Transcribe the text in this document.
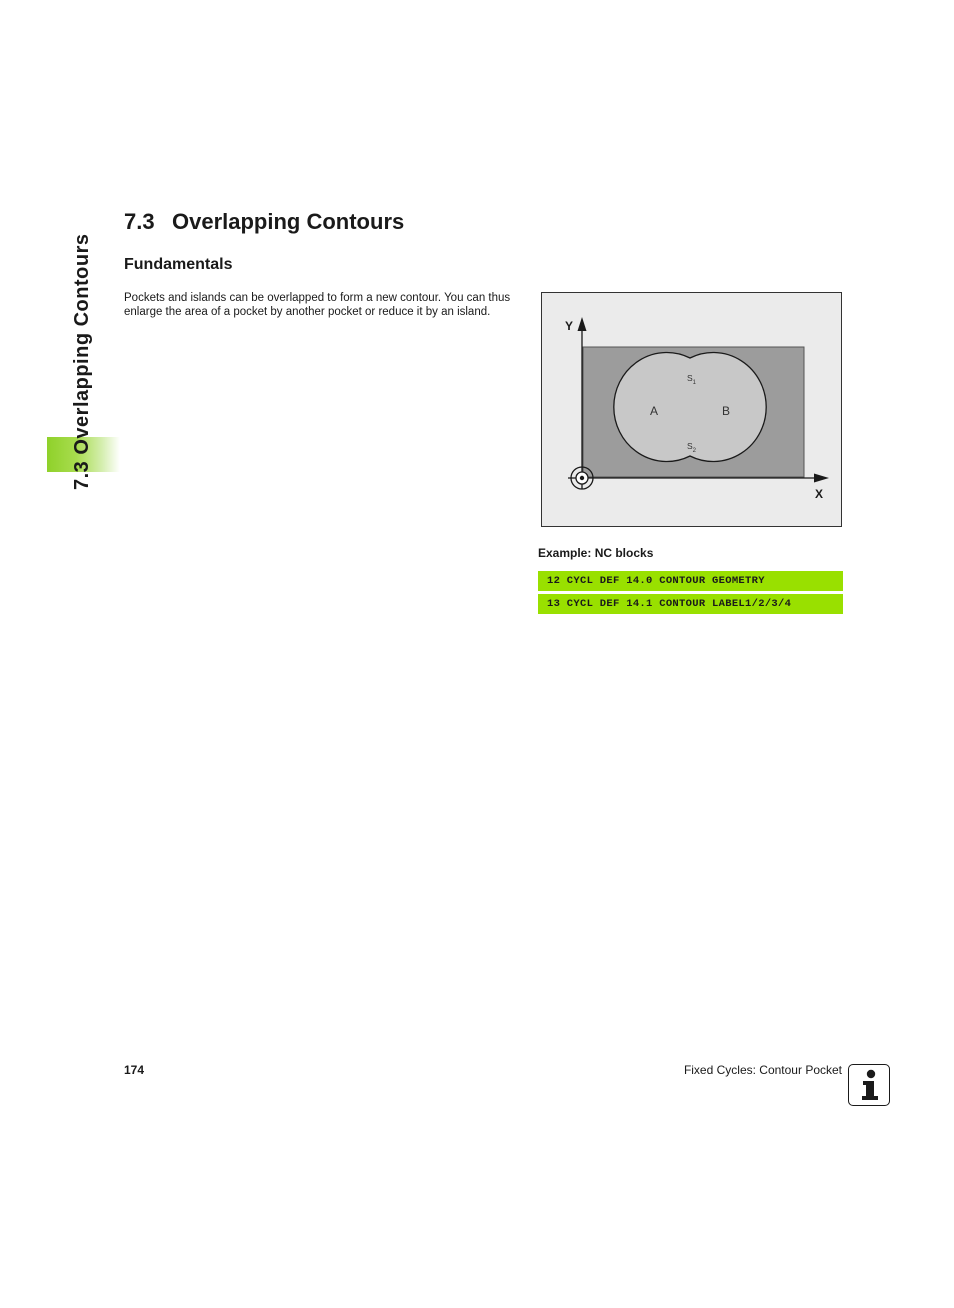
7.3 Overlapping Contours
7.3 Overlapping Contours
Fundamentals

Pockets and islands can be overlapped to form a new contour. You can thus enlarge the area of a pocket by another pocket or reduce it by an island.

Y
X
A	B
$S_1$
$S_2$

Example: NC blocks

12 CYCL DEF 14.0 CONTOUR GEOMETRY
13 CYCL DEF 14.1 CONTOUR LABEL1/2/3/4
174	Fixed Cycles: Contour Pocket
